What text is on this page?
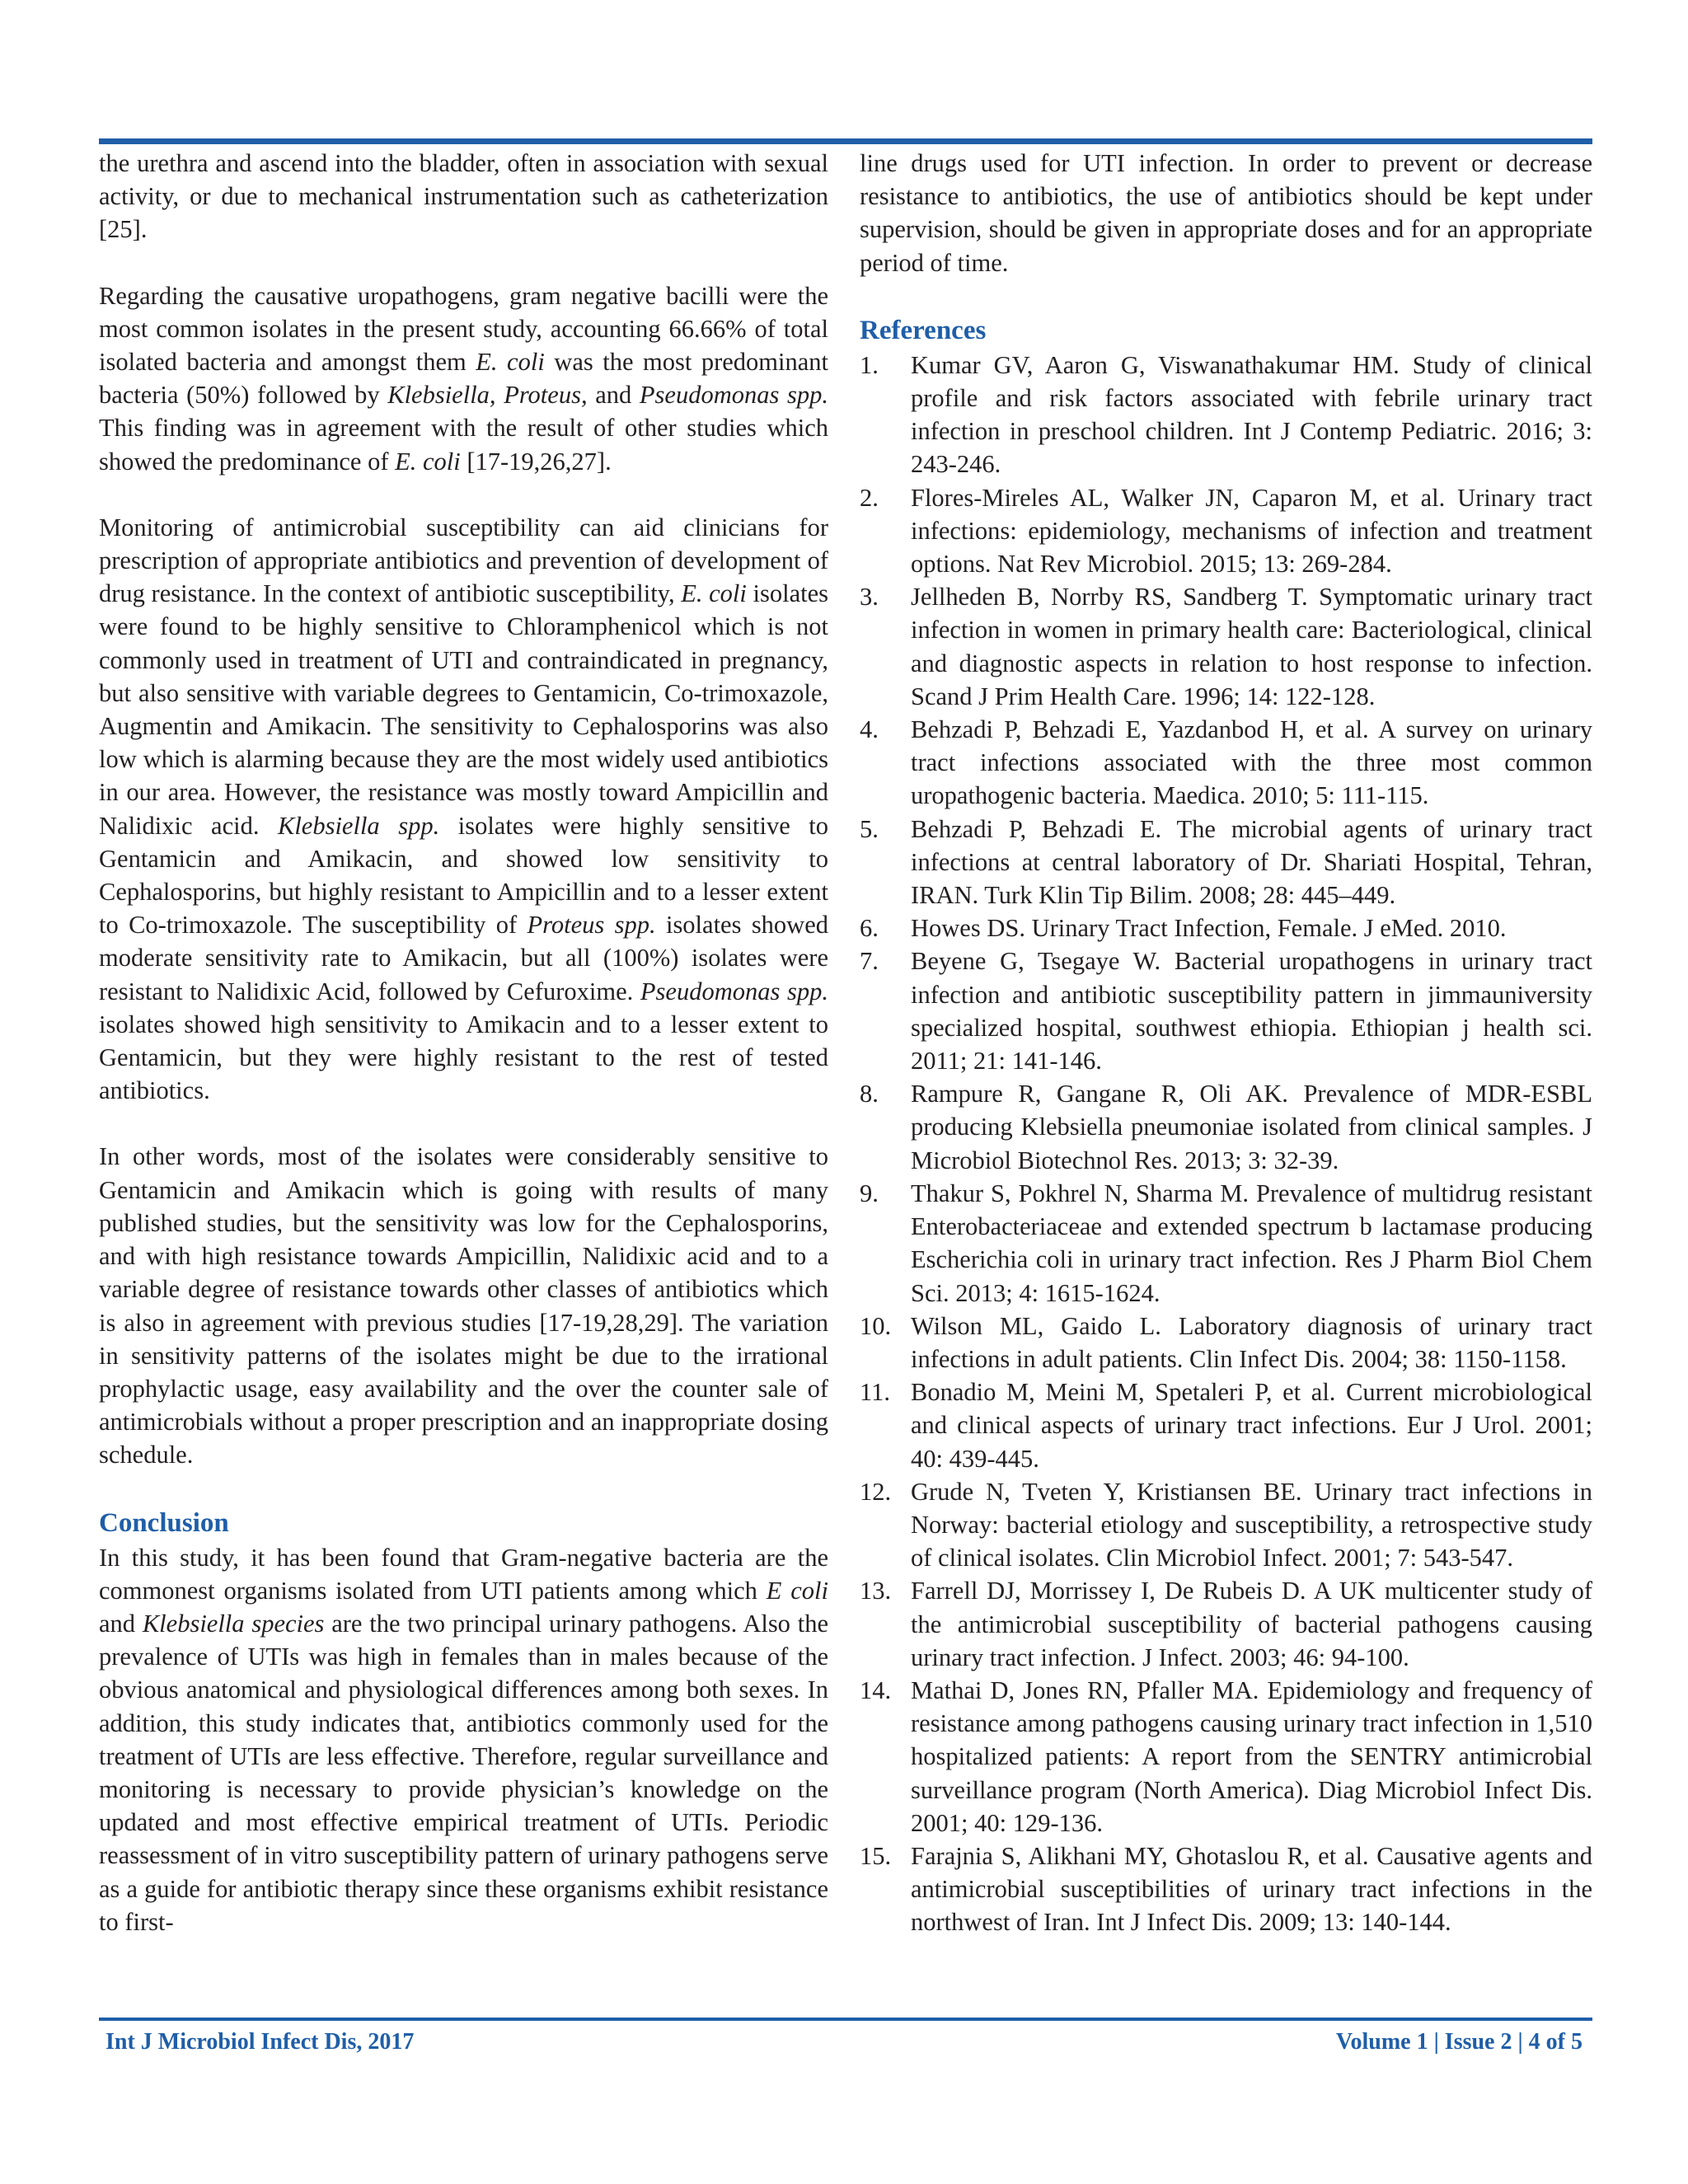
the urethra and ascend into the bladder, often in association with sexual activity, or due to mechanical instrumentation such as catheterization [25].

Regarding the causative uropathogens, gram negative bacilli were the most common isolates in the present study, accounting 66.66% of total isolated bacteria and amongst them E. coli was the most predominant bacteria (50%) followed by Klebsiella, Proteus, and Pseudomonas spp. This finding was in agreement with the result of other studies which showed the predominance of E. coli [17-19,26,27].

Monitoring of antimicrobial susceptibility can aid clinicians for prescription of appropriate antibiotics and prevention of development of drug resistance. In the context of antibiotic susceptibility, E. coli isolates were found to be highly sensitive to Chloramphenicol which is not commonly used in treatment of UTI and contraindicated in pregnancy, but also sensitive with variable degrees to Gentamicin, Co-trimoxazole, Augmentin and Amikacin. The sensitivity to Cephalosporins was also low which is alarming because they are the most widely used antibiotics in our area. However, the resistance was mostly toward Ampicillin and Nalidixic acid. Klebsiella spp. isolates were highly sensitive to Gentamicin and Amikacin, and showed low sensitivity to Cephalosporins, but highly resistant to Ampicillin and to a lesser extent to Co-trimoxazole. The susceptibility of Proteus spp. isolates showed moderate sensitivity rate to Amikacin, but all (100%) isolates were resistant to Nalidixic Acid, followed by Cefuroxime. Pseudomonas spp. isolates showed high sensitivity to Amikacin and to a lesser extent to Gentamicin, but they were highly resistant to the rest of tested antibiotics.

In other words, most of the isolates were considerably sensitive to Gentamicin and Amikacin which is going with results of many published studies, but the sensitivity was low for the Cephalosporins, and with high resistance towards Ampicillin, Nalidixic acid and to a variable degree of resistance towards other classes of antibiotics which is also in agreement with previous studies [17-19,28,29]. The variation in sensitivity patterns of the isolates might be due to the irrational prophylactic usage, easy availability and the over the counter sale of antimicrobials without a proper prescription and an inappropriate dosing schedule.

Conclusion

In this study, it has been found that Gram-negative bacteria are the commonest organisms isolated from UTI patients among which E coli and Klebsiella species are the two principal urinary pathogens. Also the prevalence of UTIs was high in females than in males because of the obvious anatomical and physiological differences among both sexes. In addition, this study indicates that, antibiotics commonly used for the treatment of UTIs are less effective. Therefore, regular surveillance and monitoring is necessary to provide physician’s knowledge on the updated and most effective empirical treatment of UTIs. Periodic reassessment of in vitro susceptibility pattern of urinary pathogens serve as a guide for antibiotic therapy since these organisms exhibit resistance to first-

line drugs used for UTI infection. In order to prevent or decrease resistance to antibiotics, the use of antibiotics should be kept under supervision, should be given in appropriate doses and for an appropriate period of time.

References
1. Kumar GV, Aaron G, Viswanathakumar HM. Study of clinical profile and risk factors associated with febrile urinary tract infection in preschool children. Int J Contemp Pediatric. 2016; 3: 243-246.
2. Flores-Mireles AL, Walker JN, Caparon M, et al. Urinary tract infections: epidemiology, mechanisms of infection and treatment options. Nat Rev Microbiol. 2015; 13: 269-284.
3. Jellheden B, Norrby RS, Sandberg T. Symptomatic urinary tract infection in women in primary health care: Bacteriological, clinical and diagnostic aspects in relation to host response to infection. Scand J Prim Health Care. 1996; 14: 122-128.
4. Behzadi P, Behzadi E, Yazdanbod H, et al. A survey on urinary tract infections associated with the three most common uropathogenic bacteria. Maedica. 2010; 5: 111-115.
5. Behzadi P, Behzadi E. The microbial agents of urinary tract infections at central laboratory of Dr. Shariati Hospital, Tehran, IRAN. Turk Klin Tip Bilim. 2008; 28: 445–449.
6. Howes DS. Urinary Tract Infection, Female. J eMed. 2010.
7. Beyene G, Tsegaye W. Bacterial uropathogens in urinary tract infection and antibiotic susceptibility pattern in jimmauniversity specialized hospital, southwest ethiopia. Ethiopian j health sci. 2011; 21: 141-146.
8. Rampure R, Gangane R, Oli AK. Prevalence of MDR-ESBL producing Klebsiella pneumoniae isolated from clinical samples. J Microbiol Biotechnol Res. 2013; 3: 32-39.
9. Thakur S, Pokhrel N, Sharma M. Prevalence of multidrug resistant Enterobacteriaceae and extended spectrum b lactamase producing Escherichia coli in urinary tract infection. Res J Pharm Biol Chem Sci. 2013; 4: 1615-1624.
10. Wilson ML, Gaido L. Laboratory diagnosis of urinary tract infections in adult patients. Clin Infect Dis. 2004; 38: 1150-1158.
11. Bonadio M, Meini M, Spetaleri P, et al. Current microbiological and clinical aspects of urinary tract infections. Eur J Urol. 2001; 40: 439-445.
12. Grude N, Tveten Y, Kristiansen BE. Urinary tract infections in Norway: bacterial etiology and susceptibility, a retrospective study of clinical isolates. Clin Microbiol Infect. 2001; 7: 543-547.
13. Farrell DJ, Morrissey I, De Rubeis D. A UK multicenter study of the antimicrobial susceptibility of bacterial pathogens causing urinary tract infection. J Infect. 2003; 46: 94-100.
14. Mathai D, Jones RN, Pfaller MA. Epidemiology and frequency of resistance among pathogens causing urinary tract infection in 1,510 hospitalized patients: A report from the SENTRY antimicrobial surveillance program (North America). Diag Microbiol Infect Dis. 2001; 40: 129-136.
15. Farajnia S, Alikhani MY, Ghotaslou R, et al. Causative agents and antimicrobial susceptibilities of urinary tract infections in the northwest of Iran. Int J Infect Dis. 2009; 13: 140-144.
Int J Microbiol Infect Dis, 2017	Volume 1 | Issue 2 | 4 of 5
